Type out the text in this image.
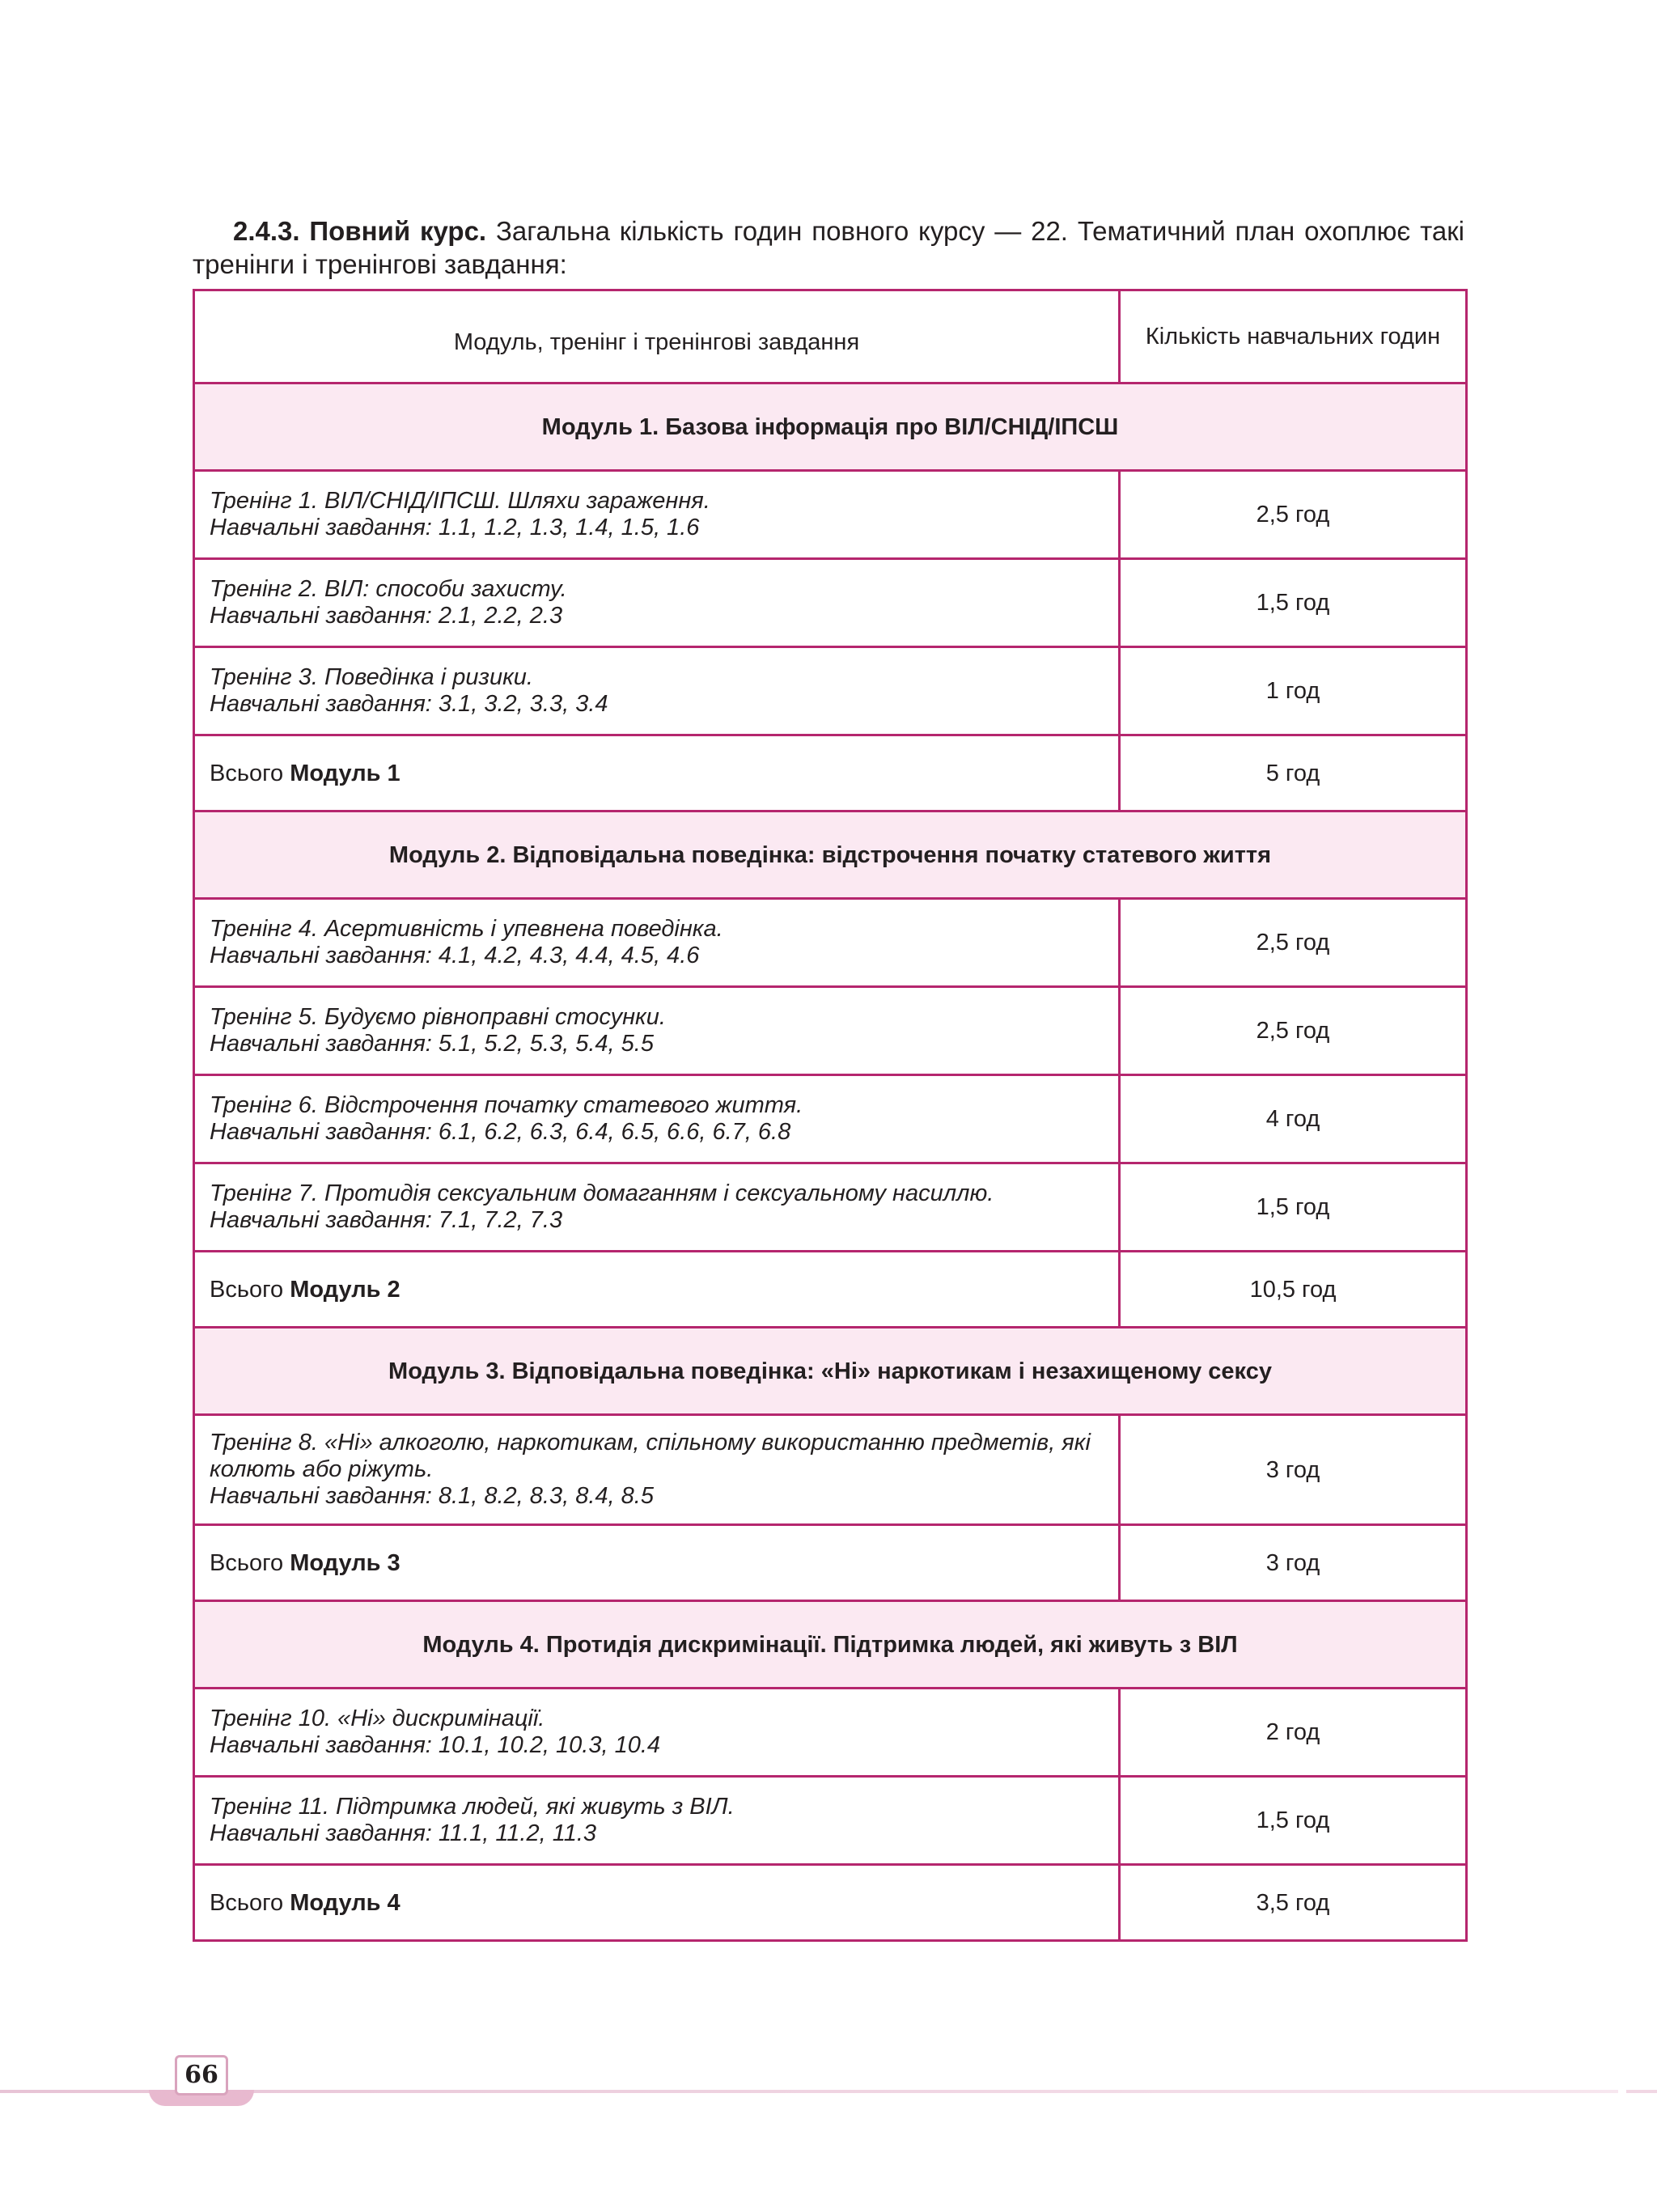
2.4.3. Повний курс. Загальна кількість годин повного курсу — 22. Тематичний план охоплює такі тренінги і тренінгові завдання:

Модуль, тренінг і тренінгові завдання	Кількість навчальних годин
Модуль 1. Базова інформація про ВІЛ/СНІД/ІПСШ	
Тренінг 1. ВІЛ/СНІД/ІПСШ. Шляхи зараження.
Навчальні завдання: 1.1, 1.2, 1.3, 1.4, 1.5, 1.6	2,5 год
Тренінг 2. ВІЛ: способи захисту.
Навчальні завдання: 2.1, 2.2, 2.3	1,5 год
Тренінг 3. Поведінка і ризики.
Навчальні завдання: 3.1, 3.2, 3.3, 3.4	1 год
Всього Модуль 1	5 год
Модуль 2. Відповідальна поведінка: відстрочення початку статевого життя	
Тренінг 4. Асертивність і упевнена поведінка.
Навчальні завдання: 4.1, 4.2, 4.3, 4.4, 4.5, 4.6	2,5 год
Тренінг 5. Будуємо рівноправні стосунки.
Навчальні завдання: 5.1, 5.2, 5.3, 5.4, 5.5	2,5 год
Тренінг 6. Відстрочення початку статевого життя.
Навчальні завдання: 6.1, 6.2, 6.3, 6.4, 6.5, 6.6, 6.7, 6.8	4 год
Тренінг 7. Протидія сексуальним домаганням і сексуальному насиллю.
Навчальні завдання: 7.1, 7.2, 7.3	1,5 год
Всього Модуль 2	10,5 год
Модуль 3. Відповідальна поведінка: «Ні» наркотикам і незахищеному сексу	
Тренінг 8. «Ні» алкоголю, наркотикам, спільному використанню предметів, які колють або ріжуть.
Навчальні завдання: 8.1, 8.2, 8.3, 8.4, 8.5	3 год
Всього Модуль 3	3 год
Модуль 4. Протидія дискримінації. Підтримка людей, які живуть з ВІЛ	
Тренінг 10. «Ні» дискримінації.
Навчальні завдання: 10.1, 10.2, 10.3, 10.4	2 год
Тренінг 11. Підтримка людей, які живуть з ВІЛ.
Навчальні завдання: 11.1, 11.2, 11.3	1,5 год
Всього Модуль 4	3,5 год
66
